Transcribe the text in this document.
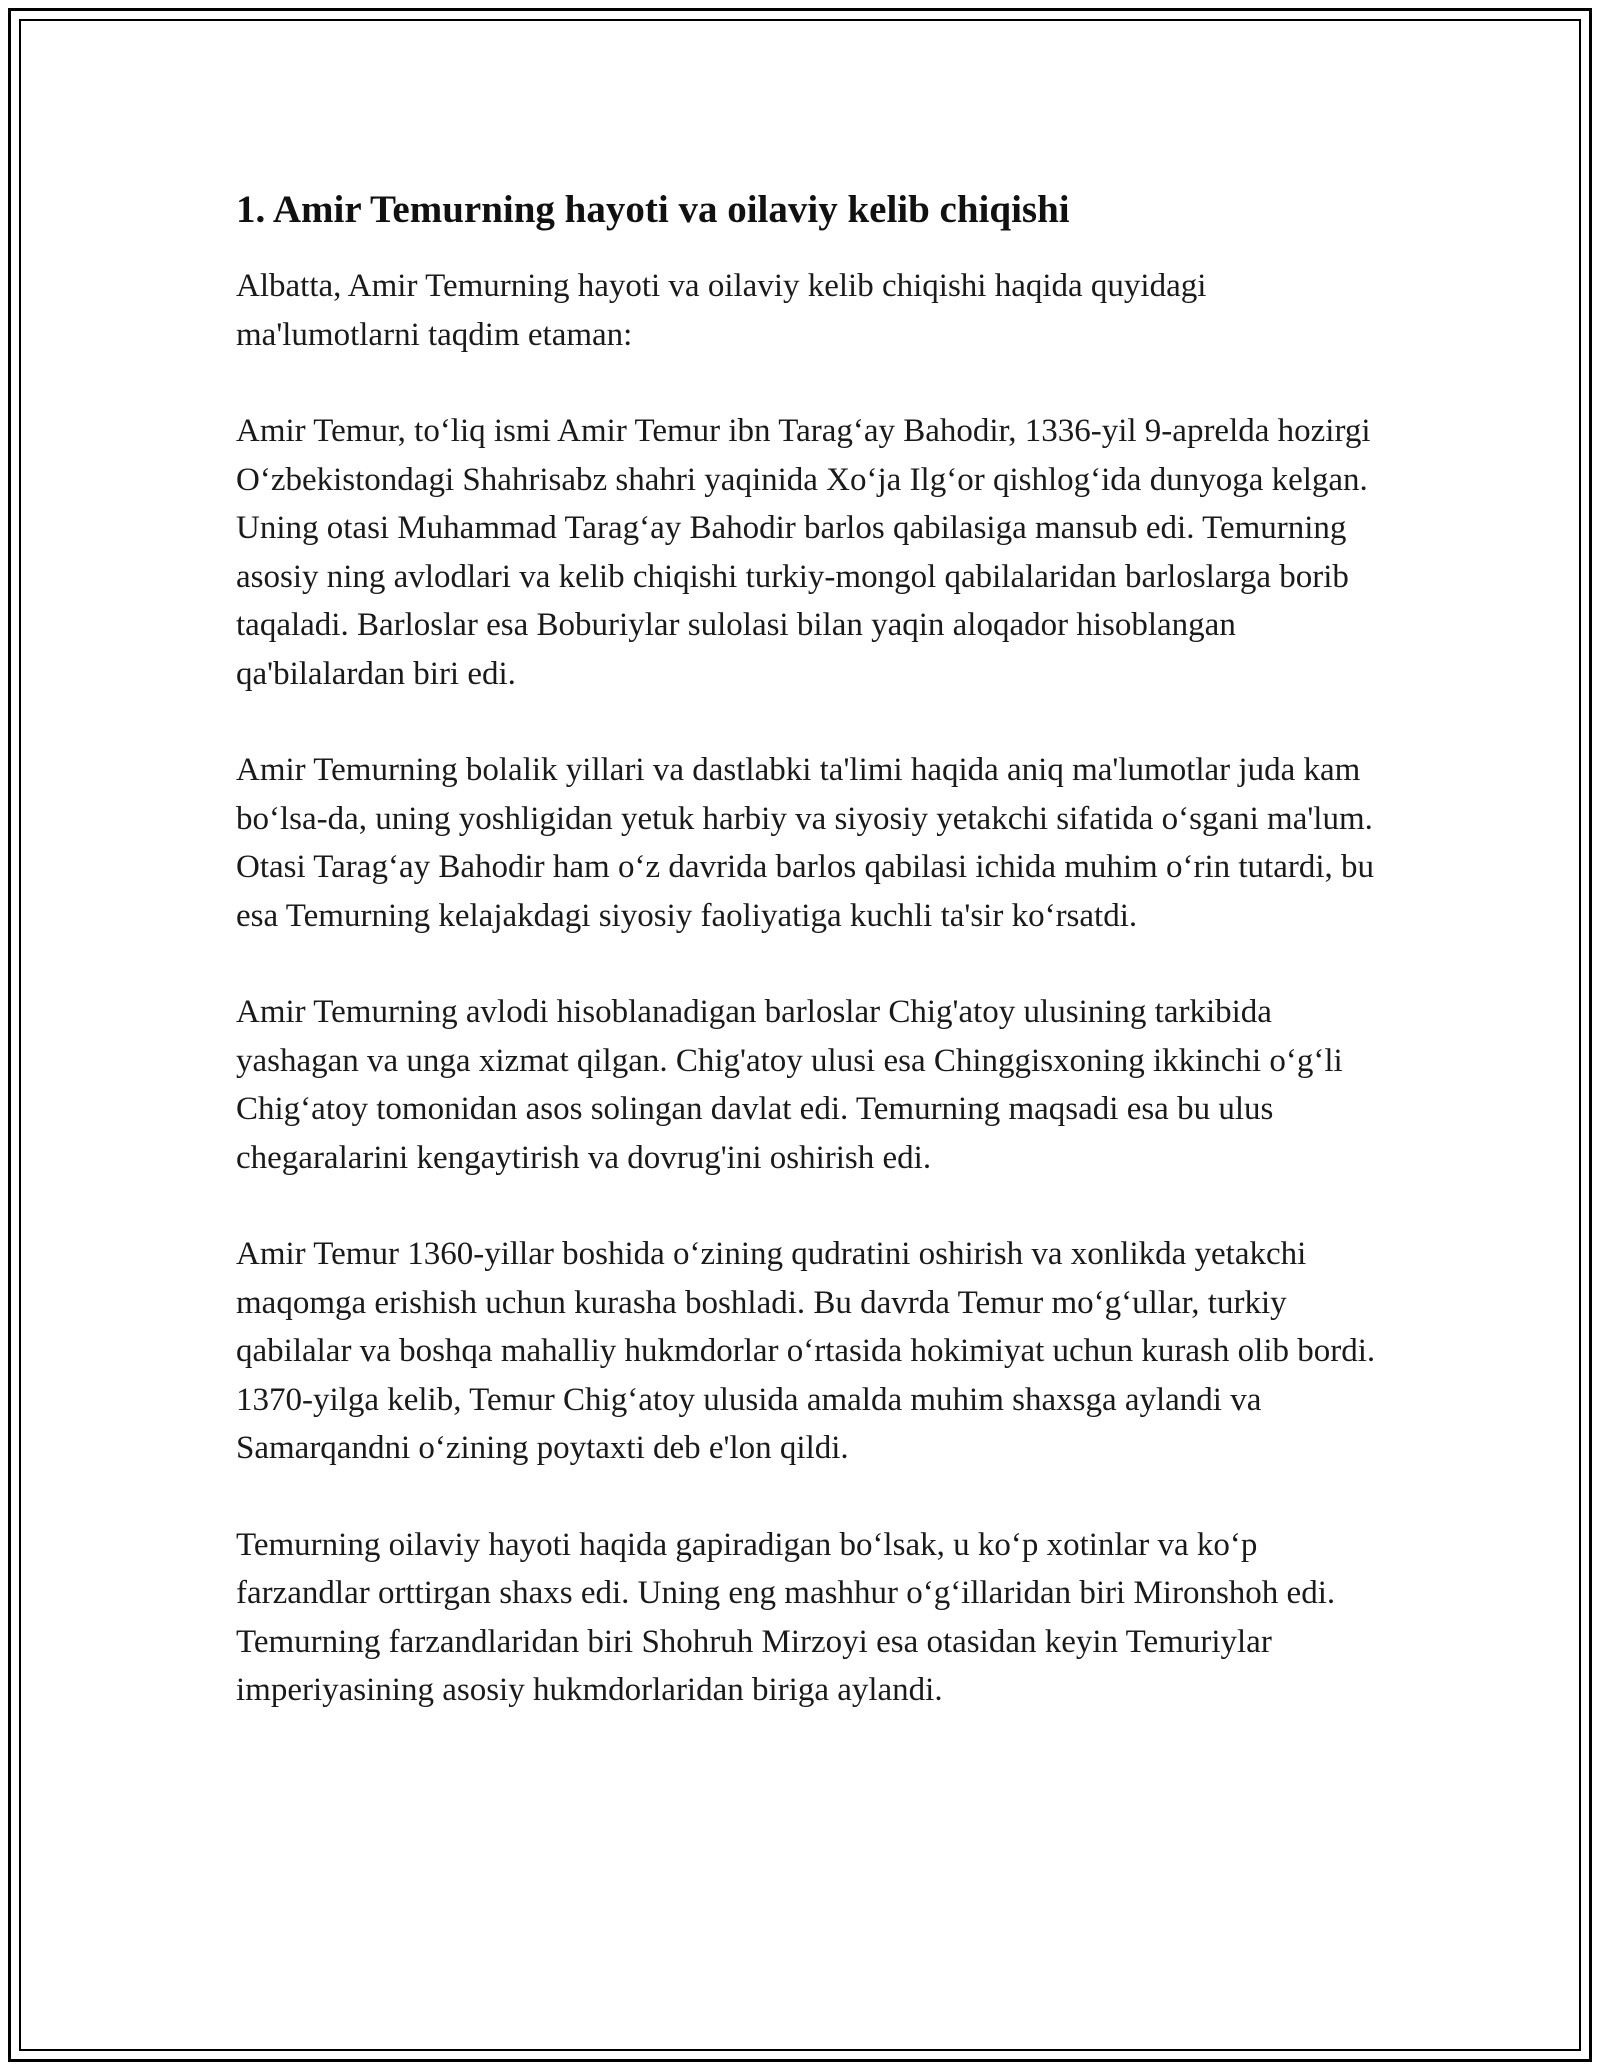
1. Amir Temurning hayoti va oilaviy kelib chiqishi

Albatta, Amir Temurning hayoti va oilaviy kelib chiqishi haqida quyidagi ma'lumotlarni taqdim etaman:

Amir Temur, to‘liq ismi Amir Temur ibn Tarag‘ay Bahodir, 1336-yil 9-aprelda hozirgi O‘zbekistondagi Shahrisabz shahri yaqinida Xo‘ja Ilg‘or qishlog‘ida dunyoga kelgan. Uning otasi Muhammad Tarag‘ay Bahodir barlos qabilasiga mansub edi. Temurning asosiy ning avlodlari va kelib chiqishi turkiy-mongol qabilalaridan barloslarga borib taqaladi. Barloslar esa Boburiylar sulolasi bilan yaqin aloqador hisoblangan qa'bilalardan biri edi.

Amir Temurning bolalik yillari va dastlabki ta'limi haqida aniq ma'lumotlar juda kam bo‘lsa-da, uning yoshligidan yetuk harbiy va siyosiy yetakchi sifatida o‘sgani ma'lum. Otasi Tarag‘ay Bahodir ham o‘z davrida barlos qabilasi ichida muhim o‘rin tutardi, bu esa Temurning kelajakdagi siyosiy faoliyatiga kuchli ta'sir ko‘rsatdi.

Amir Temurning avlodi hisoblanadigan barloslar Chig'atoy ulusining tarkibida yashagan va unga xizmat qilgan. Chig'atoy ulusi esa Chinggisxoning ikkinchi o‘g‘li Chig‘atoy tomonidan asos solingan davlat edi. Temurning maqsadi esa bu ulus chegaralarini kengaytirish va dovrug'ini oshirish edi.

Amir Temur 1360-yillar boshida o‘zining qudratini oshirish va xonlikda yetakchi maqomga erishish uchun kurasha boshladi. Bu davrda Temur mo‘g‘ullar, turkiy qabilalar va boshqa mahalliy hukmdorlar o‘rtasida hokimiyat uchun kurash olib bordi. 1370-yilga kelib, Temur Chig‘atoy ulusida amalda muhim shaxsga aylandi va Samarqandni o‘zining poytaxti deb e'lon qildi.

Temurning oilaviy hayoti haqida gapiradigan bo‘lsak, u ko‘p xotinlar va ko‘p farzandlar orttirgan shaxs edi. Uning eng mashhur o‘g‘illaridan biri Mironshoh edi. Temurning farzandlaridan biri Shohruh Mirzoyi esa otasidan keyin Temuriylar imperiyasining asosiy hukmdorlaridan biriga aylandi.
